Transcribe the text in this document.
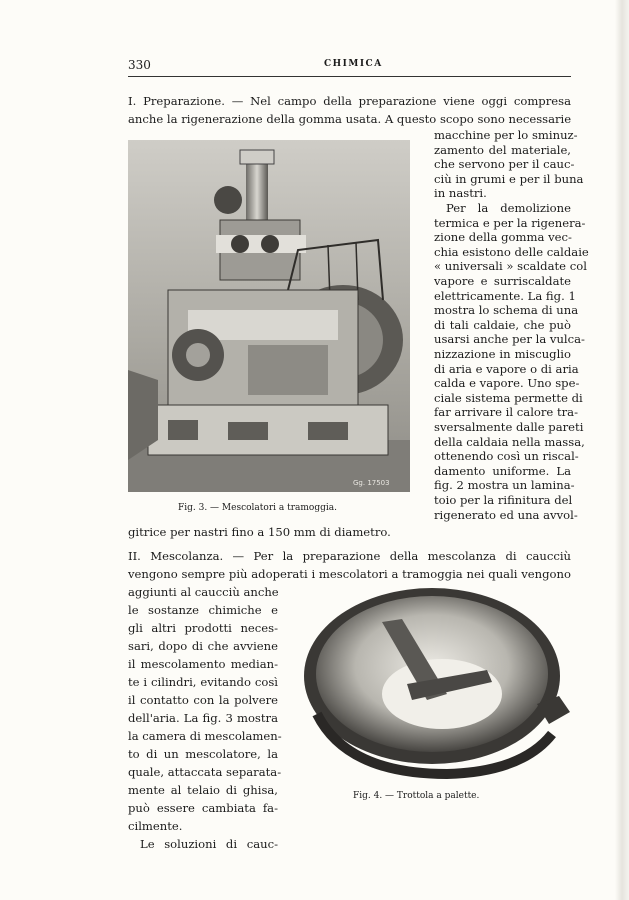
330	CHIMICA
I. Preparazione. — Nel campo della preparazione viene oggi compresa
anche la rigenerazione della gomma usata. A questo scopo sono necessarie
Gg. 17503
Fig. 3. — Mescolatori a tramoggia.
macchine per lo sminuz-
zamento del materiale,
che servono per il cauc-
ciù in grumi e per il buna
in nastri.
Per la demolizione
termica e per la rigenera-
zione della gomma vec-
chia esistono delle caldaie
« universali » scaldate col
vapore e surriscaldate
elettricamente. La fig. 1
mostra lo schema di una
di tali caldaie, che può
usarsi anche per la vulca-
nizzazione in miscuglio
di aria e vapore o di aria
calda e vapore. Uno spe-
ciale sistema permette di
far arrivare il calore tra-
sversalmente dalle pareti
della caldaia nella massa,
ottenendo così un riscal-
gitrice per nastri fino a 150 mm di diametro.
II. Mescolanza. — Per la preparazione della mescolanza di caucciù
vengono sempre più adoperati i mescolatori a tramoggia nei quali vengono
aggiunti al caucciù anche
le sostanze chimiche e
gli altri prodotti neces-
sari, dopo di che avviene
il mescolamento median-
te i cilindri, evitando così
il contatto con la polvere
dell'aria. La fig. 3 mostra
la camera di mescolamen-
to di un mescolatore, la
quale, attaccata separata-
mente al telaio di ghisa,
può essere cambiata fa-
cilmente.
Le soluzioni di cauc-
Fig. 4. — Trottola a palette.
damento uniforme. La
fig. 2 mostra un lamina-
toio per la rifinitura del
rigenerato ed una avvol-
